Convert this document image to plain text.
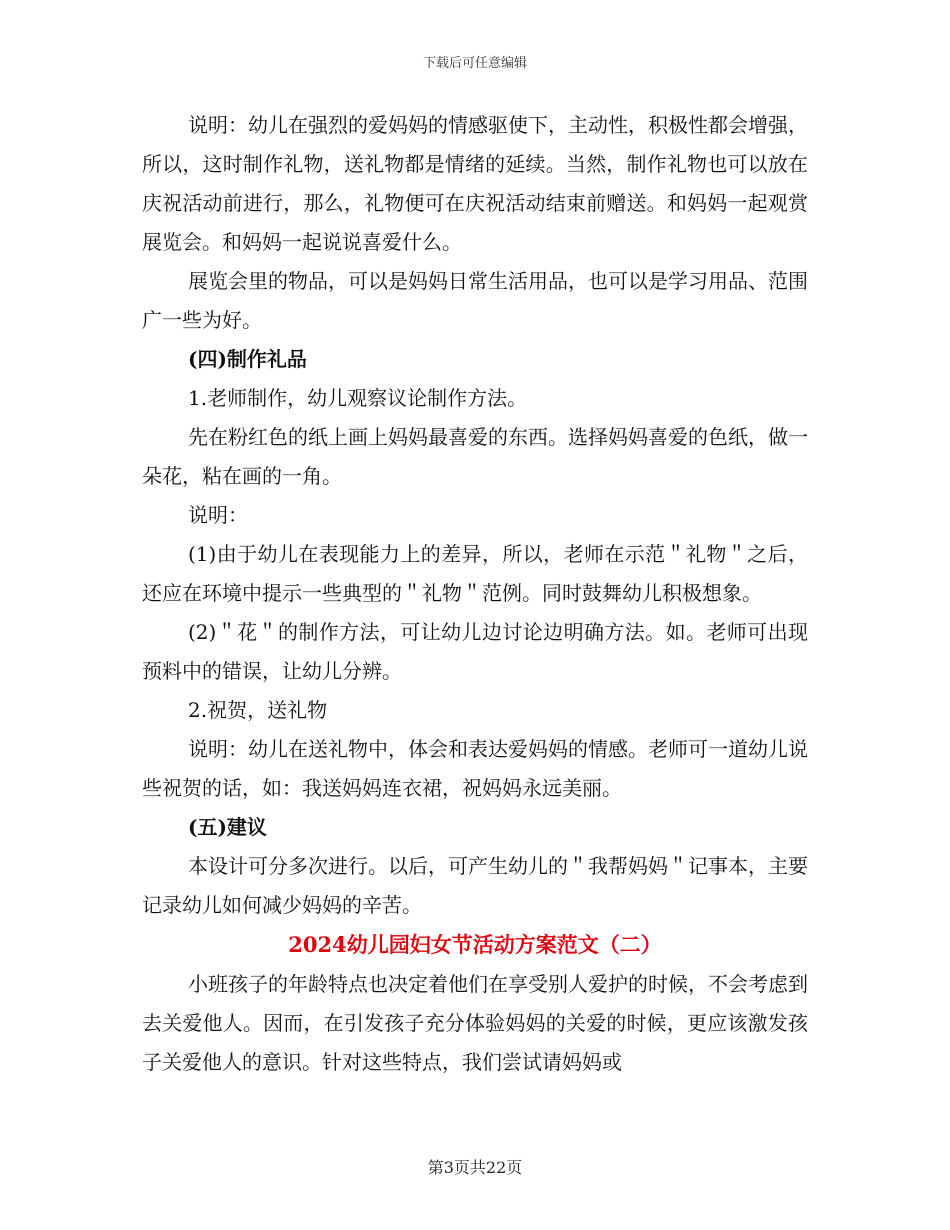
下载后可任意编辑

说明：幼儿在强烈的爱妈妈的情感驱使下，主动性，积极性都会增强，所以，这时制作礼物，送礼物都是情绪的延续。当然，制作礼物也可以放在庆祝活动前进行，那么，礼物便可在庆祝活动结束前赠送。和妈妈一起观赏展览会。和妈妈一起说说喜爱什么。

展览会里的物品，可以是妈妈日常生活用品，也可以是学习用品、范围广一些为好。

(四)制作礼品

1.老师制作，幼儿观察议论制作方法。

先在粉红色的纸上画上妈妈最喜爱的东西。选择妈妈喜爱的色纸，做一朵花，粘在画的一角。

说明：

(1)由于幼儿在表现能力上的差异，所以，老师在示范＂礼物＂之后，还应在环境中提示一些典型的＂礼物＂范例。同时鼓舞幼儿积极想象。

(2)＂花＂的制作方法，可让幼儿边讨论边明确方法。如。老师可出现预料中的错误，让幼儿分辨。

2.祝贺，送礼物

说明：幼儿在送礼物中，体会和表达爱妈妈的情感。老师可一道幼儿说些祝贺的话，如：我送妈妈连衣裙，祝妈妈永远美丽。

(五)建议

本设计可分多次进行。以后，可产生幼儿的＂我帮妈妈＂记事本，主要记录幼儿如何减少妈妈的辛苦。

2024幼儿园妇女节活动方案范文（二）

小班孩子的年龄特点也决定着他们在享受别人爱护的时候，不会考虑到去关爱他人。因而，在引发孩子充分体验妈妈的关爱的时候，更应该激发孩子关爱他人的意识。针对这些特点，我们尝试请妈妈或

第3页共22页
